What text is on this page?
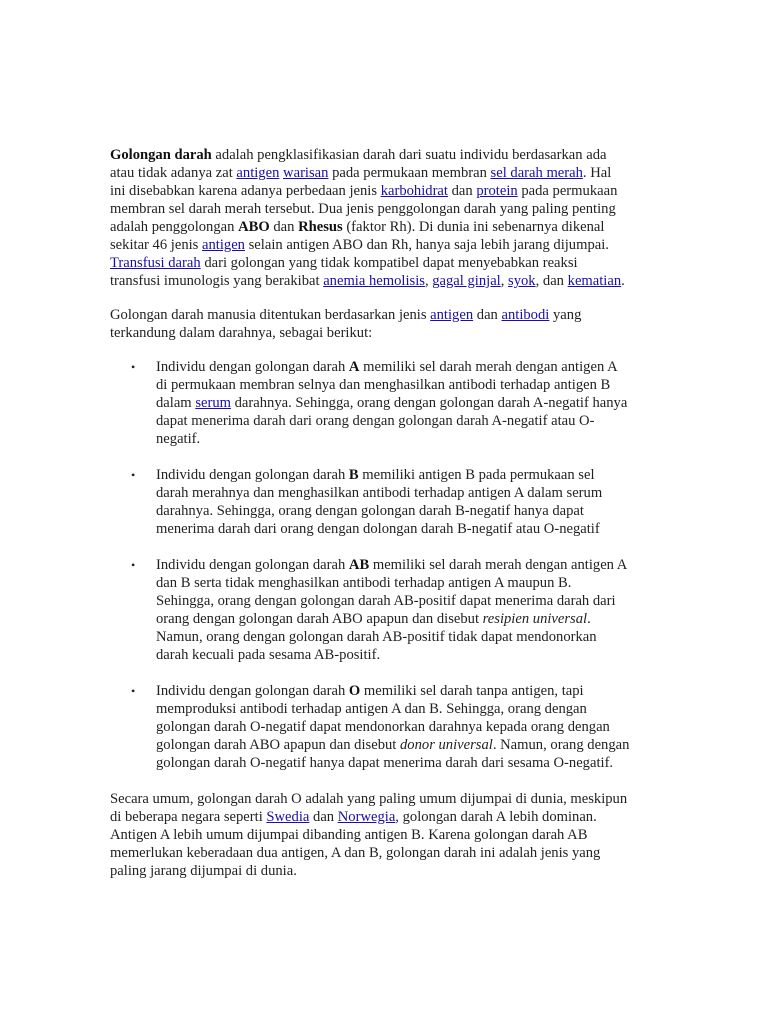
Golongan darah adalah pengklasifikasian darah dari suatu individu berdasarkan ada atau tidak adanya zat antigen warisan pada permukaan membran sel darah merah. Hal ini disebabkan karena adanya perbedaan jenis karbohidrat dan protein pada permukaan membran sel darah merah tersebut. Dua jenis penggolongan darah yang paling penting adalah penggolongan ABO dan Rhesus (faktor Rh). Di dunia ini sebenarnya dikenal sekitar 46 jenis antigen selain antigen ABO dan Rh, hanya saja lebih jarang dijumpai. Transfusi darah dari golongan yang tidak kompatibel dapat menyebabkan reaksi transfusi imunologis yang berakibat anemia hemolisis, gagal ginjal, syok, dan kematian.

Golongan darah manusia ditentukan berdasarkan jenis antigen dan antibodi yang terkandung dalam darahnya, sebagai berikut:

• Individu dengan golongan darah A memiliki sel darah merah dengan antigen A di permukaan membran selnya dan menghasilkan antibodi terhadap antigen B dalam serum darahnya. Sehingga, orang dengan golongan darah A-negatif hanya dapat menerima darah dari orang dengan golongan darah A-negatif atau O-negatif.
• Individu dengan golongan darah B memiliki antigen B pada permukaan sel darah merahnya dan menghasilkan antibodi terhadap antigen A dalam serum darahnya. Sehingga, orang dengan golongan darah B-negatif hanya dapat menerima darah dari orang dengan dolongan darah B-negatif atau O-negatif
• Individu dengan golongan darah AB memiliki sel darah merah dengan antigen A dan B serta tidak menghasilkan antibodi terhadap antigen A maupun B. Sehingga, orang dengan golongan darah AB-positif dapat menerima darah dari orang dengan golongan darah ABO apapun dan disebut resipien universal. Namun, orang dengan golongan darah AB-positif tidak dapat mendonorkan darah kecuali pada sesama AB-positif.
• Individu dengan golongan darah O memiliki sel darah tanpa antigen, tapi memproduksi antibodi terhadap antigen A dan B. Sehingga, orang dengan golongan darah O-negatif dapat mendonorkan darahnya kepada orang dengan golongan darah ABO apapun dan disebut donor universal. Namun, orang dengan golongan darah O-negatif hanya dapat menerima darah dari sesama O-negatif.

Secara umum, golongan darah O adalah yang paling umum dijumpai di dunia, meskipun di beberapa negara seperti Swedia dan Norwegia, golongan darah A lebih dominan. Antigen A lebih umum dijumpai dibanding antigen B. Karena golongan darah AB memerlukan keberadaan dua antigen, A dan B, golongan darah ini adalah jenis yang paling jarang dijumpai di dunia.
